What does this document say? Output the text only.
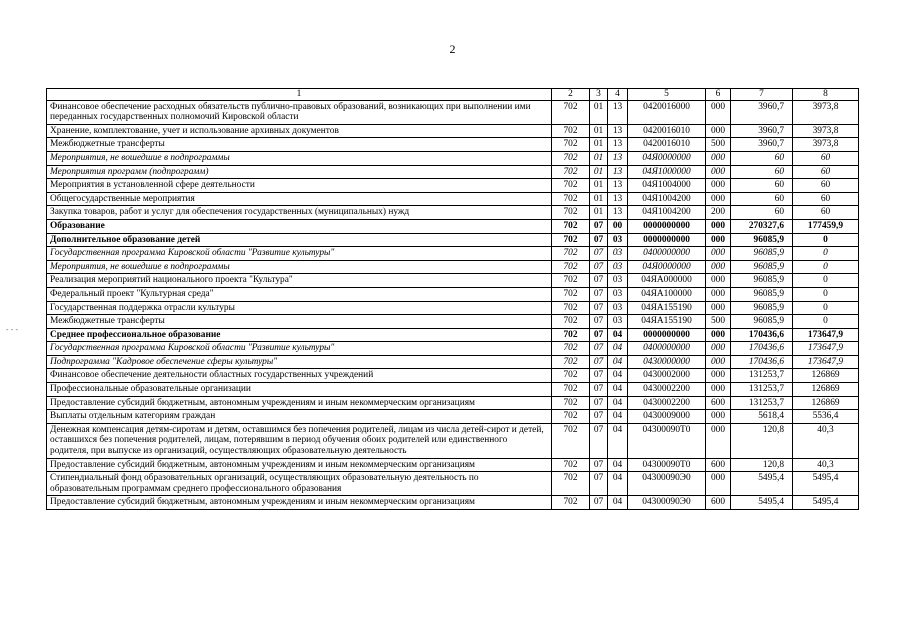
2
1	2	3	4	5	6	7	8
Финансовое обеспечение расходных обязательств публично-правовых образований, возникающих при выполнении ими переданных государственных полномочий Кировской области	702	01	13	0420016000	000	3960,7	3973,8
Хранение, комплектование, учет и использование архивных документов	702	01	13	0420016010	000	3960,7	3973,8
Межбюджетные трансферты	702	01	13	0420016010	500	3960,7	3973,8
Мероприятия, не вошедшие в подпрограммы	702	01	13	04Я0000000	000	60	60
Мероприятия программ (подпрограмм)	702	01	13	04Я1000000	000	60	60
Мероприятия в установленной сфере деятельности	702	01	13	04Я1004000	000	60	60
Общегосударственные мероприятия	702	01	13	04Я1004200	000	60	60
Закупка товаров, работ и услуг для обеспечения государственных (муниципальных) нужд	702	01	13	04Я1004200	200	60	60
Образование	702	07	00	0000000000	000	270327,6	177459,9
Дополнительное образование детей	702	07	03	0000000000	000	96085,9	0
Государственная программа Кировской области "Развитие культуры"	702	07	03	0400000000	000	96085,9	0
Мероприятия, не вошедшие в подпрограммы	702	07	03	04Я0000000	000	96085,9	0
Реализация мероприятий национального проекта "Культура"	702	07	03	04ЯА000000	000	96085,9	0
Федеральный проект "Культурная среда"	702	07	03	04ЯА100000	000	96085,9	0
Государственная поддержка отрасли культуры	702	07	03	04ЯА155190	000	96085,9	0
Межбюджетные трансферты	702	07	03	04ЯА155190	500	96085,9	0
Среднее профессиональное образование	702	07	04	0000000000	000	170436,6	173647,9
Государственная программа Кировской области "Развитие культуры"	702	07	04	0400000000	000	170436,6	173647,9
Подпрограмма "Кадровое обеспечение сферы культуры"	702	07	04	0430000000	000	170436,6	173647,9
Финансовое обеспечение деятельности областных государственных учреждений	702	07	04	0430002000	000	131253,7	126869
Профессиональные образовательные организации	702	07	04	0430002200	000	131253,7	126869
Предоставление субсидий бюджетным, автономным учреждениям и иным некоммерческим организациям	702	07	04	0430002200	600	131253,7	126869
Выплаты отдельным категориям граждан	702	07	04	0430009000	000	5618,4	5536,4
Денежная компенсация детям-сиротам и детям, оставшимся без попечения родителей, лицам из числа детей-сирот и детей, оставшихся без попечения родителей, лицам, потерявшим в период обучения обоих родителей или единственного родителя, при выпуске из организаций, осуществляющих образовательную деятельность	702	07	04	04300090Т0	000	120,8	40,3
Предоставление субсидий бюджетным, автономным учреждениям и иным некоммерческим организациям	702	07	04	04300090Т0	600	120,8	40,3
Стипендиальный фонд образовательных организаций, осуществляющих образовательную деятельность по образовательным программам среднего профессионального образования	702	07	04	04300090Э0	000	5495,4	5495,4
Предоставление субсидий бюджетным, автономным учреждениям и иным некоммерческим организациям	702	07	04	04300090Э0	600	5495,4	5495,4
- - -
